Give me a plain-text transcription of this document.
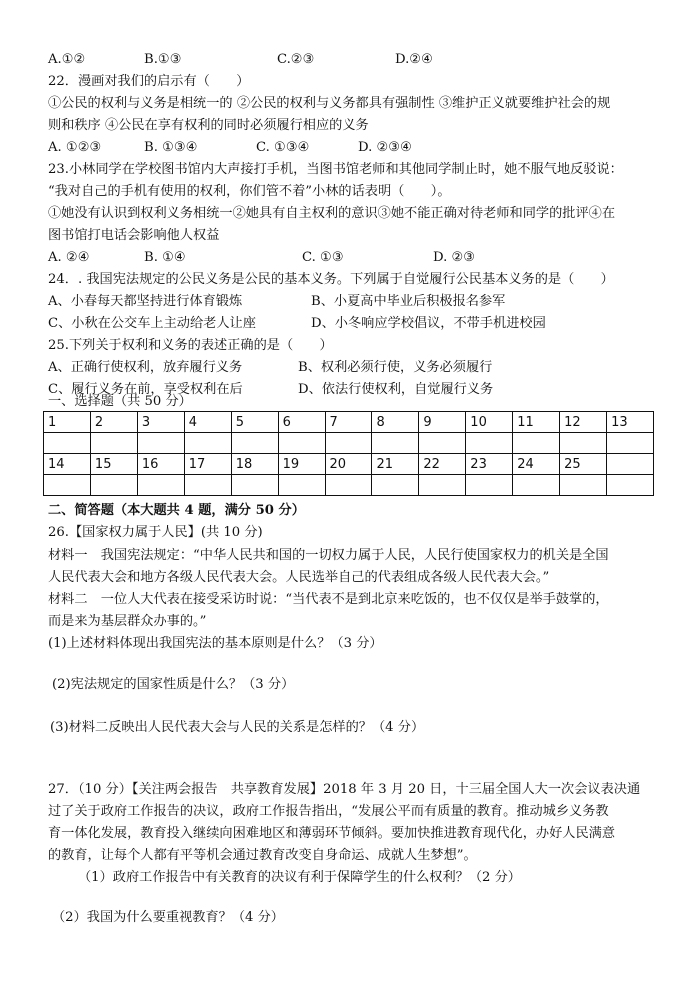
A.①②	B.①③	C.②③	D.②④
22．漫画对我们的启示有（　　）
①公民的权利与义务是相统一的 ②公民的权利与义务都具有强制性 ③维护正义就要维护社会的规
则和秩序 ④公民在享有权利的同时必须履行相应的义务
A. ①②③	B. ①③④	C. ①③④	D. ②③④
23.小林同学在学校图书馆内大声接打手机，当图书馆老师和其他同学制止时，她不服气地反驳说：
“我对自己的手机有使用的权利，你们管不着”小林的话表明（　　）。
①她没有认识到权利义务相统一②她具有自主权利的意识③她不能正确对待老师和同学的批评④在
图书馆打电话会影响他人权益
A. ②④	B. ①④	C. ①③	D. ②③
24．. 我国宪法规定的公民义务是公民的基本义务。下列属于自觉履行公民基本义务的是（　　）
A、小春每天都坚持进行体育锻炼	B、小夏高中毕业后积极报名参军
C、小秋在公交车上主动给老人让座	D、小冬响应学校倡议，不带手机进校园
25.下列关于权利和义务的表述正确的是（　　）
A、正确行使权利，放弃履行义务	B、权利必须行使，义务必须履行
C、履行义务在前，享受权利在后	D、依法行使权利，自觉履行义务
一、选择题（共 50 分）
1	2	3	4	5	6	7	8	9	10	11	12	13

14	15	16	17	18	19	20	21	22	23	24	25	

二、简答题（本大题共 4 题，满分 50 分）
26.【国家权力属于人民】(共 10 分)
材料一　我国宪法规定：“中华人民共和国的一切权力属于人民，人民行使国家权力的机关是全国
人民代表大会和地方各级人民代表大会。人民选举自己的代表组成各级人民代表大会。”
材料二　一位人大代表在接受采访时说：“当代表不是到北京来吃饭的，也不仅仅是举手鼓掌的，
而是来为基层群众办事的。”
(1)上述材料体现出我国宪法的基本原则是什么？（3 分）
(2)宪法规定的国家性质是什么？（3 分）
(3)材料二反映出人民代表大会与人民的关系是怎样的？（4 分）
27．（10 分）【关注两会报告　共享教育发展】2018 年 3 月 20 日，十三届全国人大一次会议表决通
过了关于政府工作报告的决议，政府工作报告指出，“发展公平而有质量的教育。推动城乡义务教
育一体化发展，教育投入继续向困难地区和薄弱环节倾斜。要加快推进教育现代化，办好人民满意
的教育，让每个人都有平等机会通过教育改变自身命运、成就人生梦想”。
（1）政府工作报告中有关教育的决议有利于保障学生的什么权利？（2 分）
（2）我国为什么要重视教育？（4 分）
